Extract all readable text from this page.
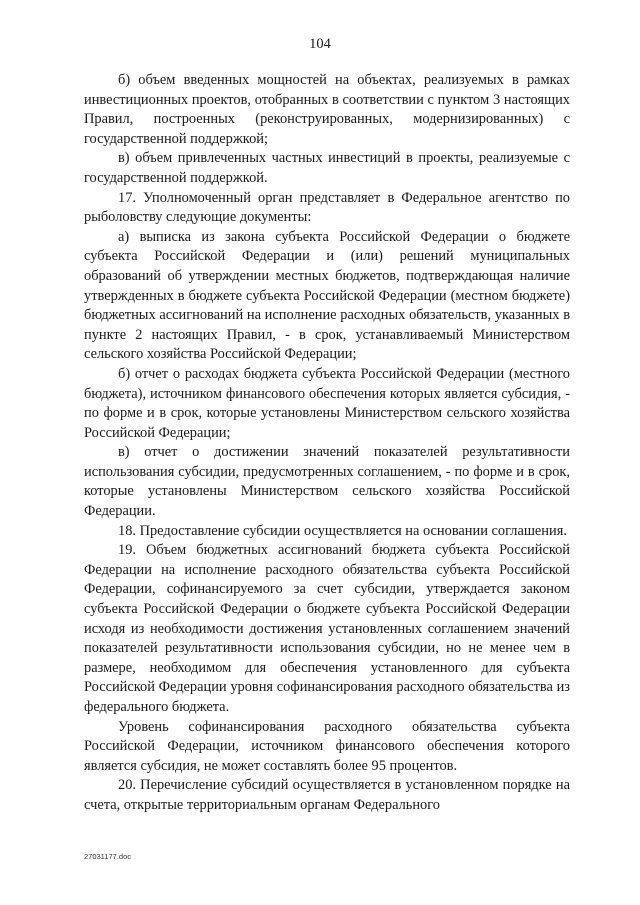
104

б) объем введенных мощностей на объектах, реализуемых в рамках инвестиционных проектов, отобранных в соответствии с пунктом 3 настоящих Правил, построенных (реконструированных, модернизированных) с государственной поддержкой;

в) объем привлеченных частных инвестиций в проекты, реализуемые с государственной поддержкой.

17. Уполномоченный орган представляет в Федеральное агентство по рыболовству следующие документы:

а) выписка из закона субъекта Российской Федерации о бюджете субъекта Российской Федерации и (или) решений муниципальных образований об утверждении местных бюджетов, подтверждающая наличие утвержденных в бюджете субъекта Российской Федерации (местном бюджете) бюджетных ассигнований на исполнение расходных обязательств, указанных в пункте 2 настоящих Правил, - в срок, устанавливаемый Министерством сельского хозяйства Российской Федерации;

б) отчет о расходах бюджета субъекта Российской Федерации (местного бюджета), источником финансового обеспечения которых является субсидия, - по форме и в срок, которые установлены Министерством сельского хозяйства Российской Федерации;

в) отчет о достижении значений показателей результативности использования субсидии, предусмотренных соглашением, - по форме и в срок, которые установлены Министерством сельского хозяйства Российской Федерации.

18. Предоставление субсидии осуществляется на основании соглашения.

19. Объем бюджетных ассигнований бюджета субъекта Российской Федерации на исполнение расходного обязательства субъекта Российской Федерации, софинансируемого за счет субсидии, утверждается законом субъекта Российской Федерации о бюджете субъекта Российской Федерации исходя из необходимости достижения установленных соглашением значений показателей результативности использования субсидии, но не менее чем в размере, необходимом для обеспечения установленного для субъекта Российской Федерации уровня софинансирования расходного обязательства из федерального бюджета.

Уровень софинансирования расходного обязательства субъекта Российской Федерации, источником финансового обеспечения которого является субсидия, не может составлять более 95 процентов.

20. Перечисление субсидий осуществляется в установленном порядке на счета, открытые территориальным органам Федерального

27031177.doc
